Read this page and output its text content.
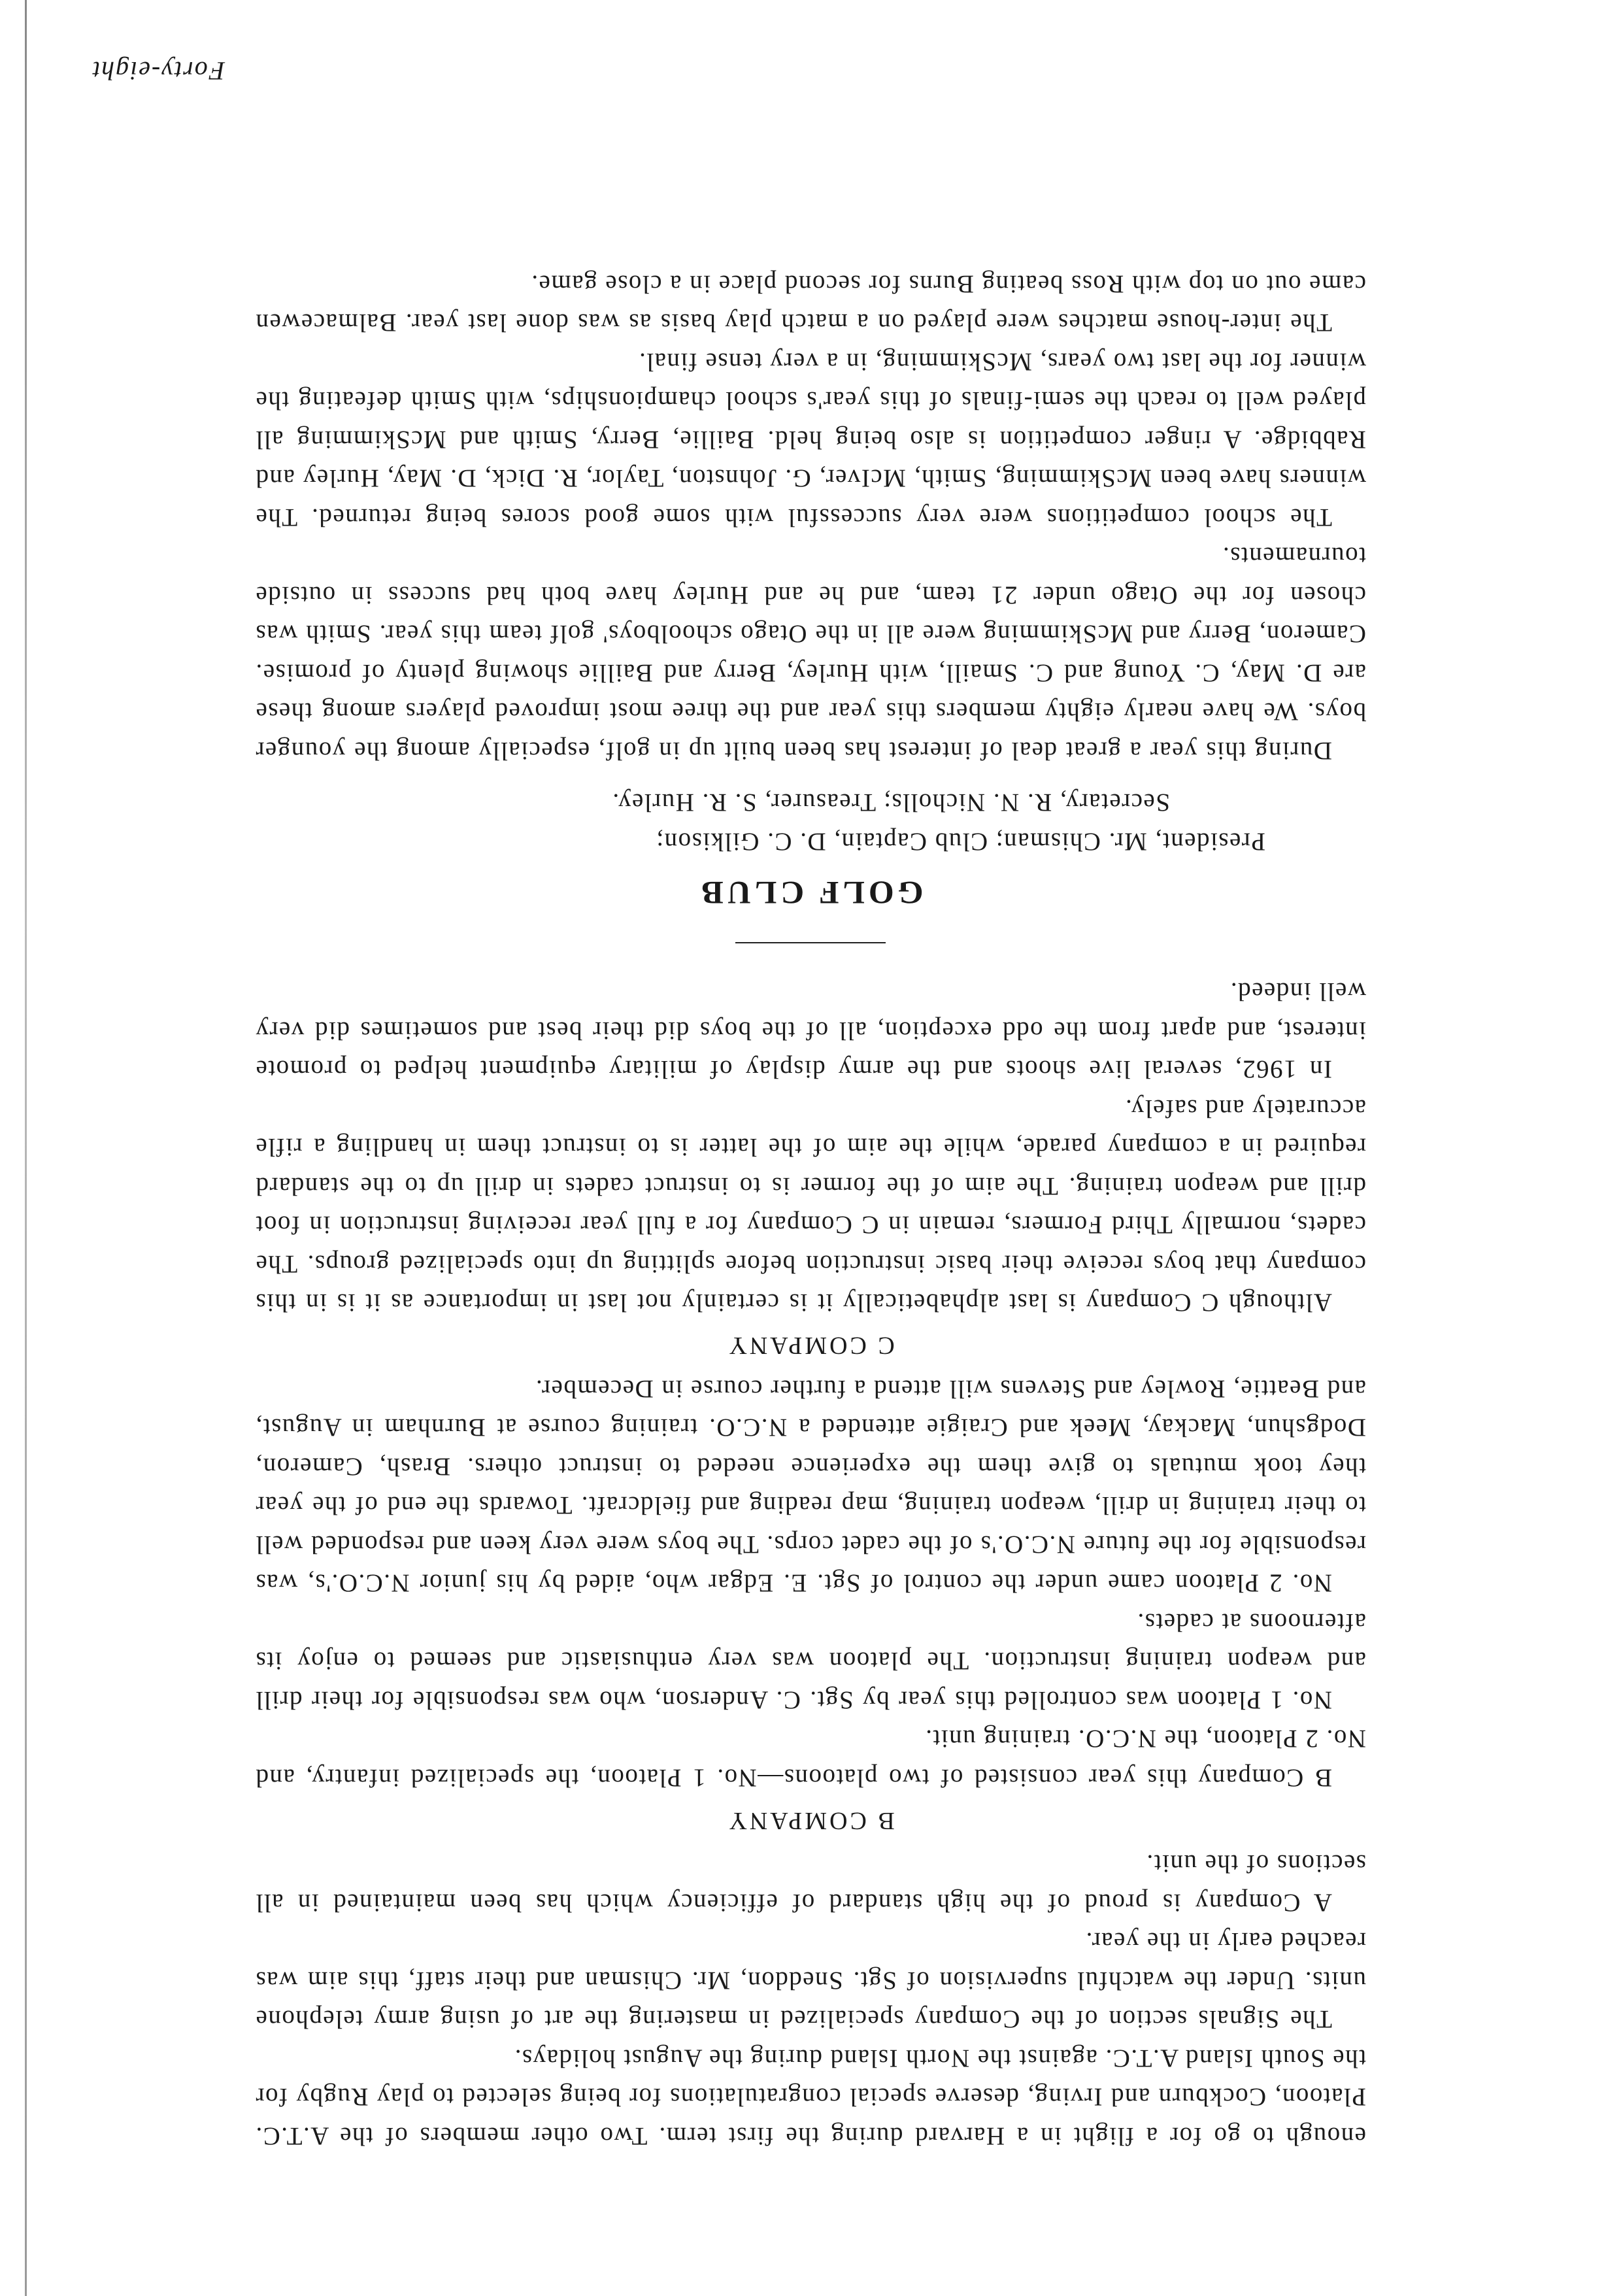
enough to go for a flight in a Harvard during the first term. Two other members of the A.T.C. Platoon, Cockburn and Irving, deserve special congratulations for being selected to play Rugby for the South Island A.T.C. against the North Island during the August holidays.

The Signals section of the Company specialized in mastering the art of using army telephone units. Under the watchful supervision of Sgt. Sneddon, Mr. Chisman and their staff, this aim was reached early in the year.

A Company is proud of the high standard of efficiency which has been maintained in all sections of the unit.

B COMPANY

B Company this year consisted of two platoons—No. 1 Platoon, the specialized infantry, and No. 2 Platoon, the N.C.O. training unit.

No. 1 Platoon was controlled this year by Sgt. C. Anderson, who was responsible for their drill and weapon training instruction. The platoon was very enthusiastic and seemed to enjoy its afternoons at cadets.

No. 2 Platoon came under the control of Sgt. E. Edgar who, aided by his junior N.C.O.'s, was responsible for the future N.C.O.'s of the cadet corps. The boys were very keen and responded well to their training in drill, weapon training, map reading and fieldcraft. Towards the end of the year they took mutuals to give them the experience needed to instruct others. Brash, Cameron, Dodgshun, Mackay, Meek and Craigie attended a N.C.O. training course at Burnham in August, and Beattie, Rowley and Stevens will attend a further course in December.

C COMPANY

Although C Company is last alphabetically it is certainly not last in importance as it is in this company that boys receive their basic instruction before splitting up into specialized groups. The cadets, normally Third Formers, remain in C Company for a full year receiving instruction in foot drill and weapon training. The aim of the former is to instruct cadets in drill up to the standard required in a company parade, while the aim of the latter is to instruct them in handling a rifle accurately and safely.

In 1962, several live shoots and the army display of military equipment helped to promote interest, and apart from the odd exception, all of the boys did their best and sometimes did very well indeed.

GOLF CLUB

President, Mr. Chisman; Club Captain, D. C. Gilkison;

Secretary, R. N. Nicholls; Treasurer, S. R. Hurley.

During this year a great deal of interest has been built up in golf, especially among the younger boys. We have nearly eighty members this year and the three most improved players among these are D. May, C. Young and C. Smaill, with Hurley, Berry and Baillie showing plenty of promise. Cameron, Berry and McSkimming were all in the Otago schoolboys' golf team this year. Smith was chosen for the Otago under 21 team, and he and Hurley have both had success in outside tournaments.

The school competitions were very successful with some good scores being returned. The winners have been McSkimming, Smith, McIver, G. Johnston, Taylor, R. Dick, D. May, Hurley and Rabbidge. A ringer competition is also being held. Baillie, Berry, Smith and McSkimming all played well to reach the semi-finals of this year's school championships, with Smith defeating the winner for the last two years, McSkimming, in a very tense final.

The inter-house matches were played on a match play basis as was done last year. Balmacewen came out on top with Ross beating Burns for second place in a close game.

Forty-eight
